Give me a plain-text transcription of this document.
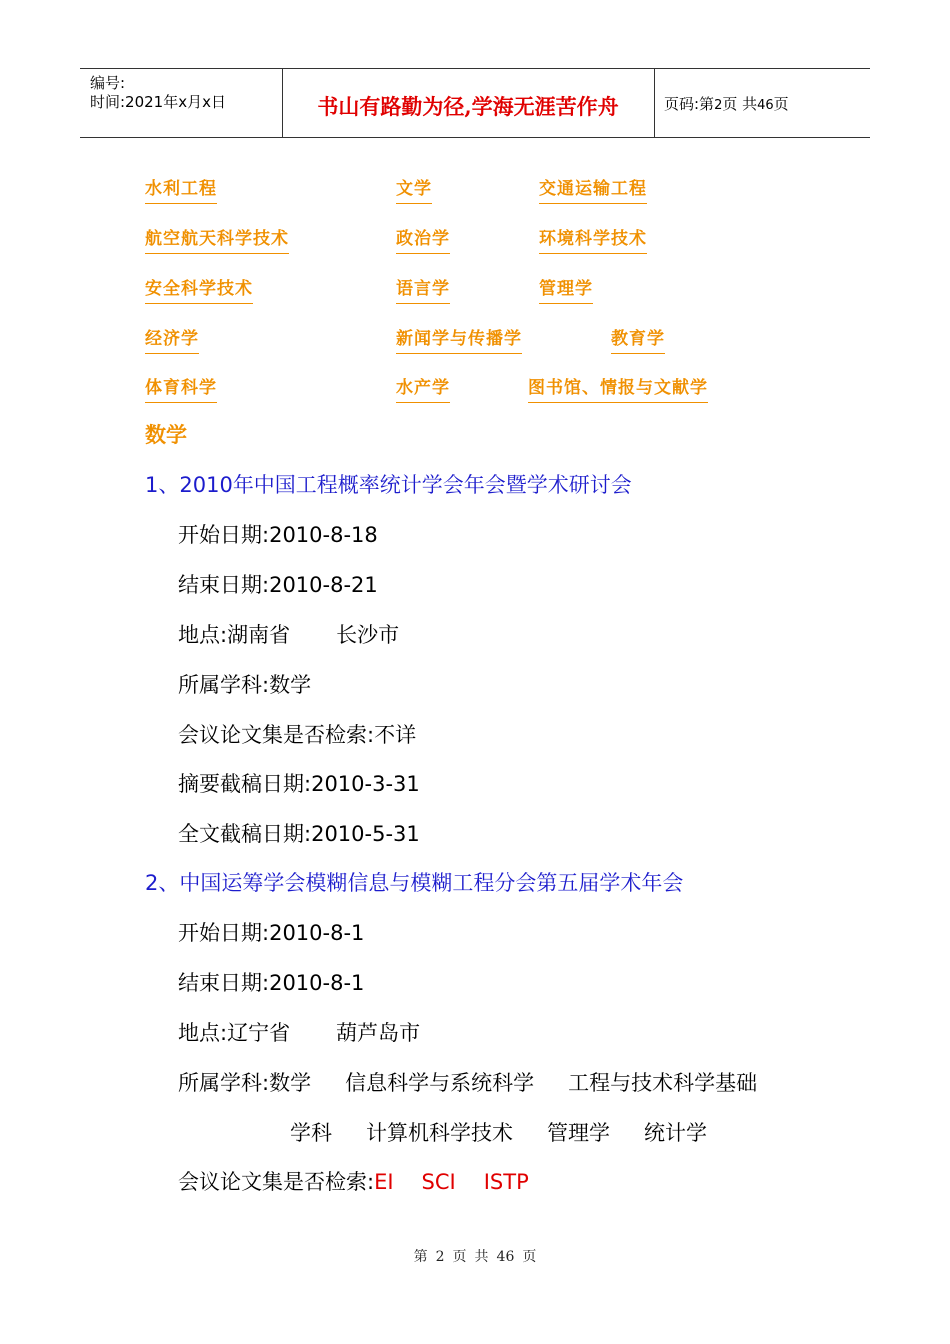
编号:
时间:2021年x月x日	书山有路勤为径,学海无涯苦作舟	页码:第2页 共46页
水利工程	文学	交通运输工程
航空航天科学技术	政治学	环境科学技术
安全科学技术	语言学	管理学
经济学	新闻学与传播学	教育学
体育科学	水产学	图书馆、情报与文献学
数学
1、2010年中国工程概率统计学会年会暨学术研讨会
开始日期:2010-8-18
结束日期:2010-8-21
地点:湖南省 长沙市
所属学科:数学
会议论文集是否检索:不详
摘要截稿日期:2010-3-31
全文截稿日期:2010-5-31
2、中国运筹学会模糊信息与模糊工程分会第五届学术年会
开始日期:2010-8-1
结束日期:2010-8-1
地点:辽宁省 葫芦岛市
所属学科:数学 信息科学与系统科学 工程与技术科学基础
学科 计算机科学技术 管理学 统计学
会议论文集是否检索:EI SCI ISTP
第 2 页 共 46 页
